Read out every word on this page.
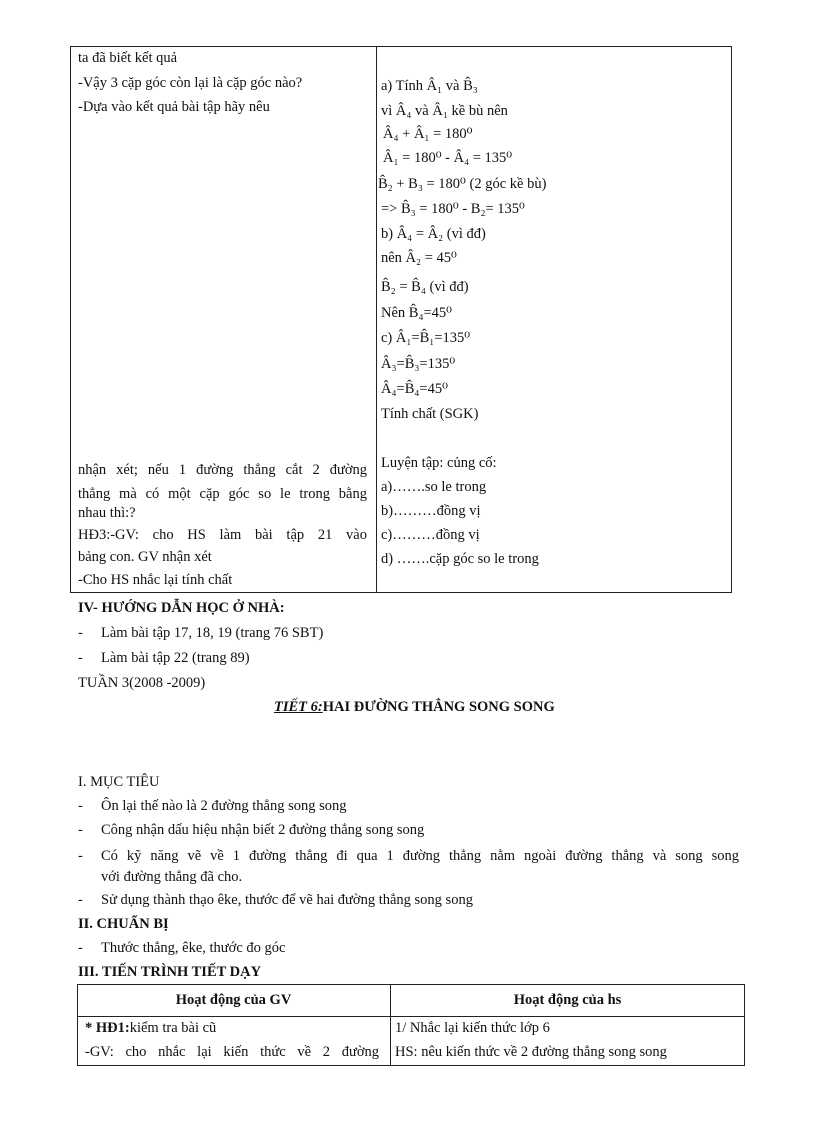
ta đã biết kết quả
-Vậy 3 cặp góc còn lại là cặp góc nào?
-Dựa vào kết quả bài tập hãy nêu
nhận xét; nếu 1 đường thẳng cắt 2 đường
thẳng mà có một cặp góc so le trong bằng
nhau thì:?
HĐ3:-GV: cho HS làm bài tập 21 vào
bảng con. GV nhận xét
-Cho HS nhắc lại tính chất
a) Tính Â₁ và B̂₃
vì Â₄ và Â₁ kề bù nên
Â₄ + Â₁ = 180⁰
Â₁ = 180⁰ - Â₄ = 135⁰
B̂₂ + B₃ = 180⁰ (2 góc kề bù)
=> B̂₃ = 180⁰ - B₂= 135⁰
b) Â₄ = Â₂ (vì đđ)
nên Â₂ = 45⁰
B̂₂ = B̂₄ (vì đđ)
Nên B̂₄=45⁰
c) Â₁=B̂₁=135⁰
Â₃=B̂₃=135⁰
Â₄=B̂₄=45⁰
Tính chất (SGK)
Luyện tập: củng cố:
a)…….so le trong
b)………đồng vị
c)………đồng vị
d) …….cặp góc so le trong
IV- HƯỚNG DẪN HỌC Ở NHÀ:
- Làm bài tập 17, 18, 19 (trang 76 SBT)
- Làm bài tập 22 (trang 89)
TUẦN 3(2008 -2009)
TIẾT 6:HAI ĐƯỜNG THẲNG SONG SONG
I. MỤC TIÊU
- Ôn lại thế nào là 2 đường thẳng song song
- Công nhận dấu hiệu nhận biết 2 đường thẳng song song
- Có kỹ năng vẽ về 1 đường thẳng đi qua 1 đường thẳng nằm ngoài đường thẳng và song song
với đường thẳng đã cho.
- Sử dụng thành thạo êke, thước để vẽ hai đường thẳng song song
II. CHUẨN BỊ
- Thước thẳng, êke, thước đo góc
III. TIẾN TRÌNH TIẾT DẠY
Hoạt động của GV	Hoạt động của hs
* HĐ1:kiểm tra bài cũ
-GV: cho nhắc lại kiến thức về 2 đường
1/ Nhắc lại kiến thức lớp 6
HS: nêu kiến thức về 2 đường thẳng song song
